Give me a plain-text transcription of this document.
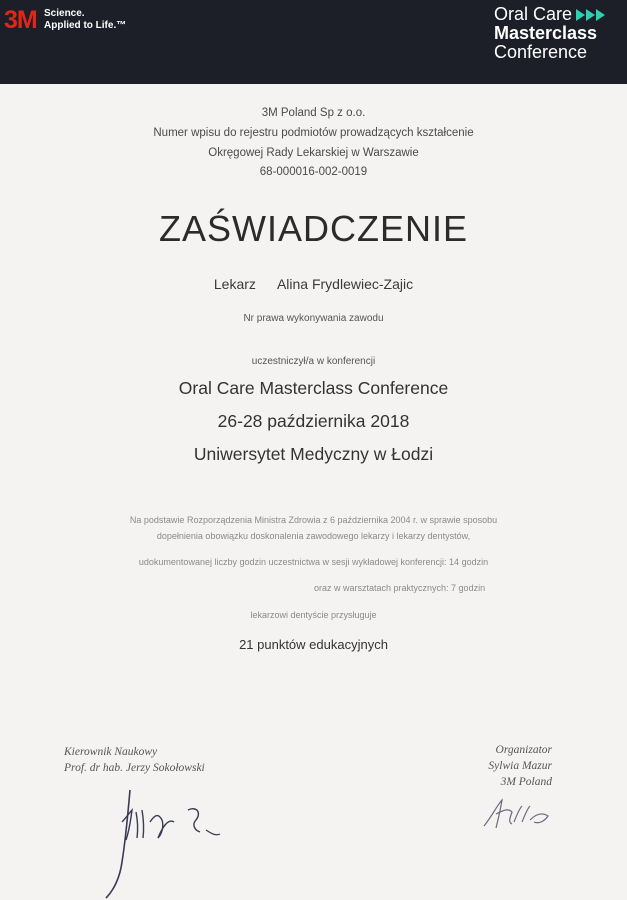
3M Science.
Applied to Life.™
Oral Care
Masterclass
Conference
3M Poland Sp z o.o.
Numer wpisu do rejestru podmiotów prowadzących kształcenie
Okręgowej Rady Lekarskiej w Warszawie
68-000016-002-0019
ZAŚWIADCZENIE
Lekarz Alina Frydlewiec-Zajic
Nr prawa wykonywania zawodu
uczestniczył/a w konferencji
Oral Care Masterclass Conference
26-28 października 2018
Uniwersytet Medyczny w Łodzi
Na podstawie Rozporządzenia Ministra Zdrowia z 6 października 2004 r. w sprawie sposobu
dopełnienia obowiązku doskonalenia zawodowego lekarzy i lekarzy dentystów,
udokumentowanej liczby godzin uczestnictwa w sesji wykładowej konferencji: 14 godzin
oraz w warsztatach praktycznych: 7 godzin
lekarzowi dentyście przysługuje
21 punktów edukacyjnych
Kierownik Naukowy
Prof. dr hab. Jerzy Sokołowski
Organizator
Sylwia Mazur
3M Poland
